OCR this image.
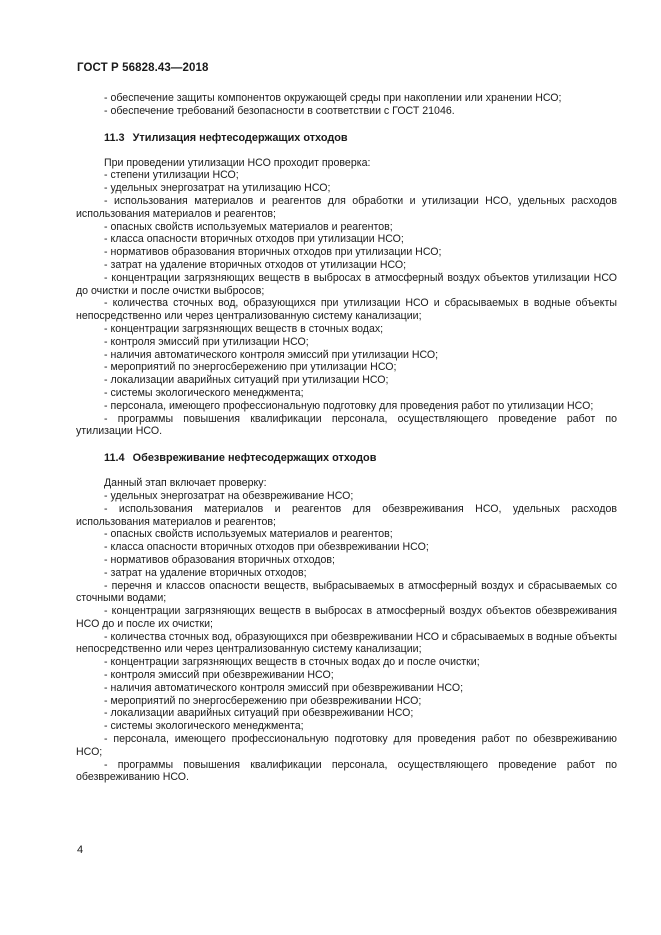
ГОСТ Р 56828.43—2018

- обеспечение защиты компонентов окружающей среды при накоплении или хранении НСО;

- обеспечение требований безопасности в соответствии с ГОСТ 21046.

11.3 Утилизация нефтесодержащих отходов

При проведении утилизации НСО проходит проверка:

- степени утилизации НСО;

- удельных энергозатрат на утилизацию НСО;

- использования материалов и реагентов для обработки и утилизации НСО, удельных расходов использования материалов и реагентов;

- опасных свойств используемых материалов и реагентов;

- класса опасности вторичных отходов при утилизации НСО;

- нормативов образования вторичных отходов при утилизации НСО;

- затрат на удаление вторичных отходов от утилизации НСО;

- концентрации загрязняющих веществ в выбросах в атмосферный воздух объектов утилизации НСО до очистки и после очистки выбросов;

- количества сточных вод, образующихся при утилизации НСО и сбрасываемых в водные объекты непосредственно или через централизованную систему канализации;

- концентрации загрязняющих веществ в сточных водах;

- контроля эмиссий при утилизации НСО;

- наличия автоматического контроля эмиссий при утилизации НСО;

- мероприятий по энергосбережению при утилизации НСО;

- локализации аварийных ситуаций при утилизации НСО;

- системы экологического менеджмента;

- персонала, имеющего профессиональную подготовку для проведения работ по утилизации НСО;

- программы повышения квалификации персонала, осуществляющего проведение работ по утилизации НСО.

11.4 Обезвреживание нефтесодержащих отходов

Данный этап включает проверку:

- удельных энергозатрат на обезвреживание НСО;

- использования материалов и реагентов для обезвреживания НСО, удельных расходов использования материалов и реагентов;

- опасных свойств используемых материалов и реагентов;

- класса опасности вторичных отходов при обезвреживании НСО;

- нормативов образования вторичных отходов;

- затрат на удаление вторичных отходов;

- перечня и классов опасности веществ, выбрасываемых в атмосферный воздух и сбрасываемых со сточными водами;

- концентрации загрязняющих веществ в выбросах в атмосферный воздух объектов обезвреживания НСО до и после их очистки;

- количества сточных вод, образующихся при обезвреживании НСО и сбрасываемых в водные объекты непосредственно или через централизованную систему канализации;

- концентрации загрязняющих веществ в сточных водах до и после очистки;

- контроля эмиссий при обезвреживании НСО;

- наличия автоматического контроля эмиссий при обезвреживании НСО;

- мероприятий по энергосбережению при обезвреживании НСО;

- локализации аварийных ситуаций при обезвреживании НСО;

- системы экологического менеджмента;

- персонала, имеющего профессиональную подготовку для проведения работ по обезвреживанию НСО;

- программы повышения квалификации персонала, осуществляющего проведение работ по обезвреживанию НСО.

4
